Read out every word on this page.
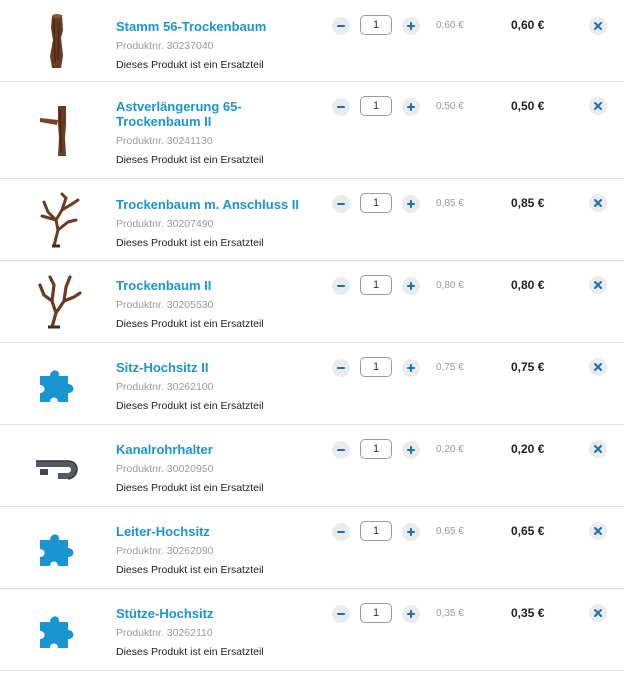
Stamm 56-Trockenbaum
Produktnr. 30237040
Dieses Produkt ist ein Ersatzteil
1
0,60 €	0,60 €
Astverlängerung 65-Trockenbaum II
Produktnr. 30241130
Dieses Produkt ist ein Ersatzteil
1
0,50 €	0,50 €
Trockenbaum m. Anschluss II
Produktnr. 30207490
Dieses Produkt ist ein Ersatzteil
1
0,85 €	0,85 €
Trockenbaum II
Produktnr. 30205530
Dieses Produkt ist ein Ersatzteil
1
0,80 €	0,80 €
Sitz-Hochsitz II
Produktnr. 30262100
Dieses Produkt ist ein Ersatzteil
1
0,75 €	0,75 €
Kanalrohrhalter
Produktnr. 30020950
Dieses Produkt ist ein Ersatzteil
1
0,20 €	0,20 €
Leiter-Hochsitz
Produktnr. 30262090
Dieses Produkt ist ein Ersatzteil
1
0,65 €	0,65 €
Stütze-Hochsitz
Produktnr. 30262110
Dieses Produkt ist ein Ersatzteil
1
0,35 €	0,35 €
